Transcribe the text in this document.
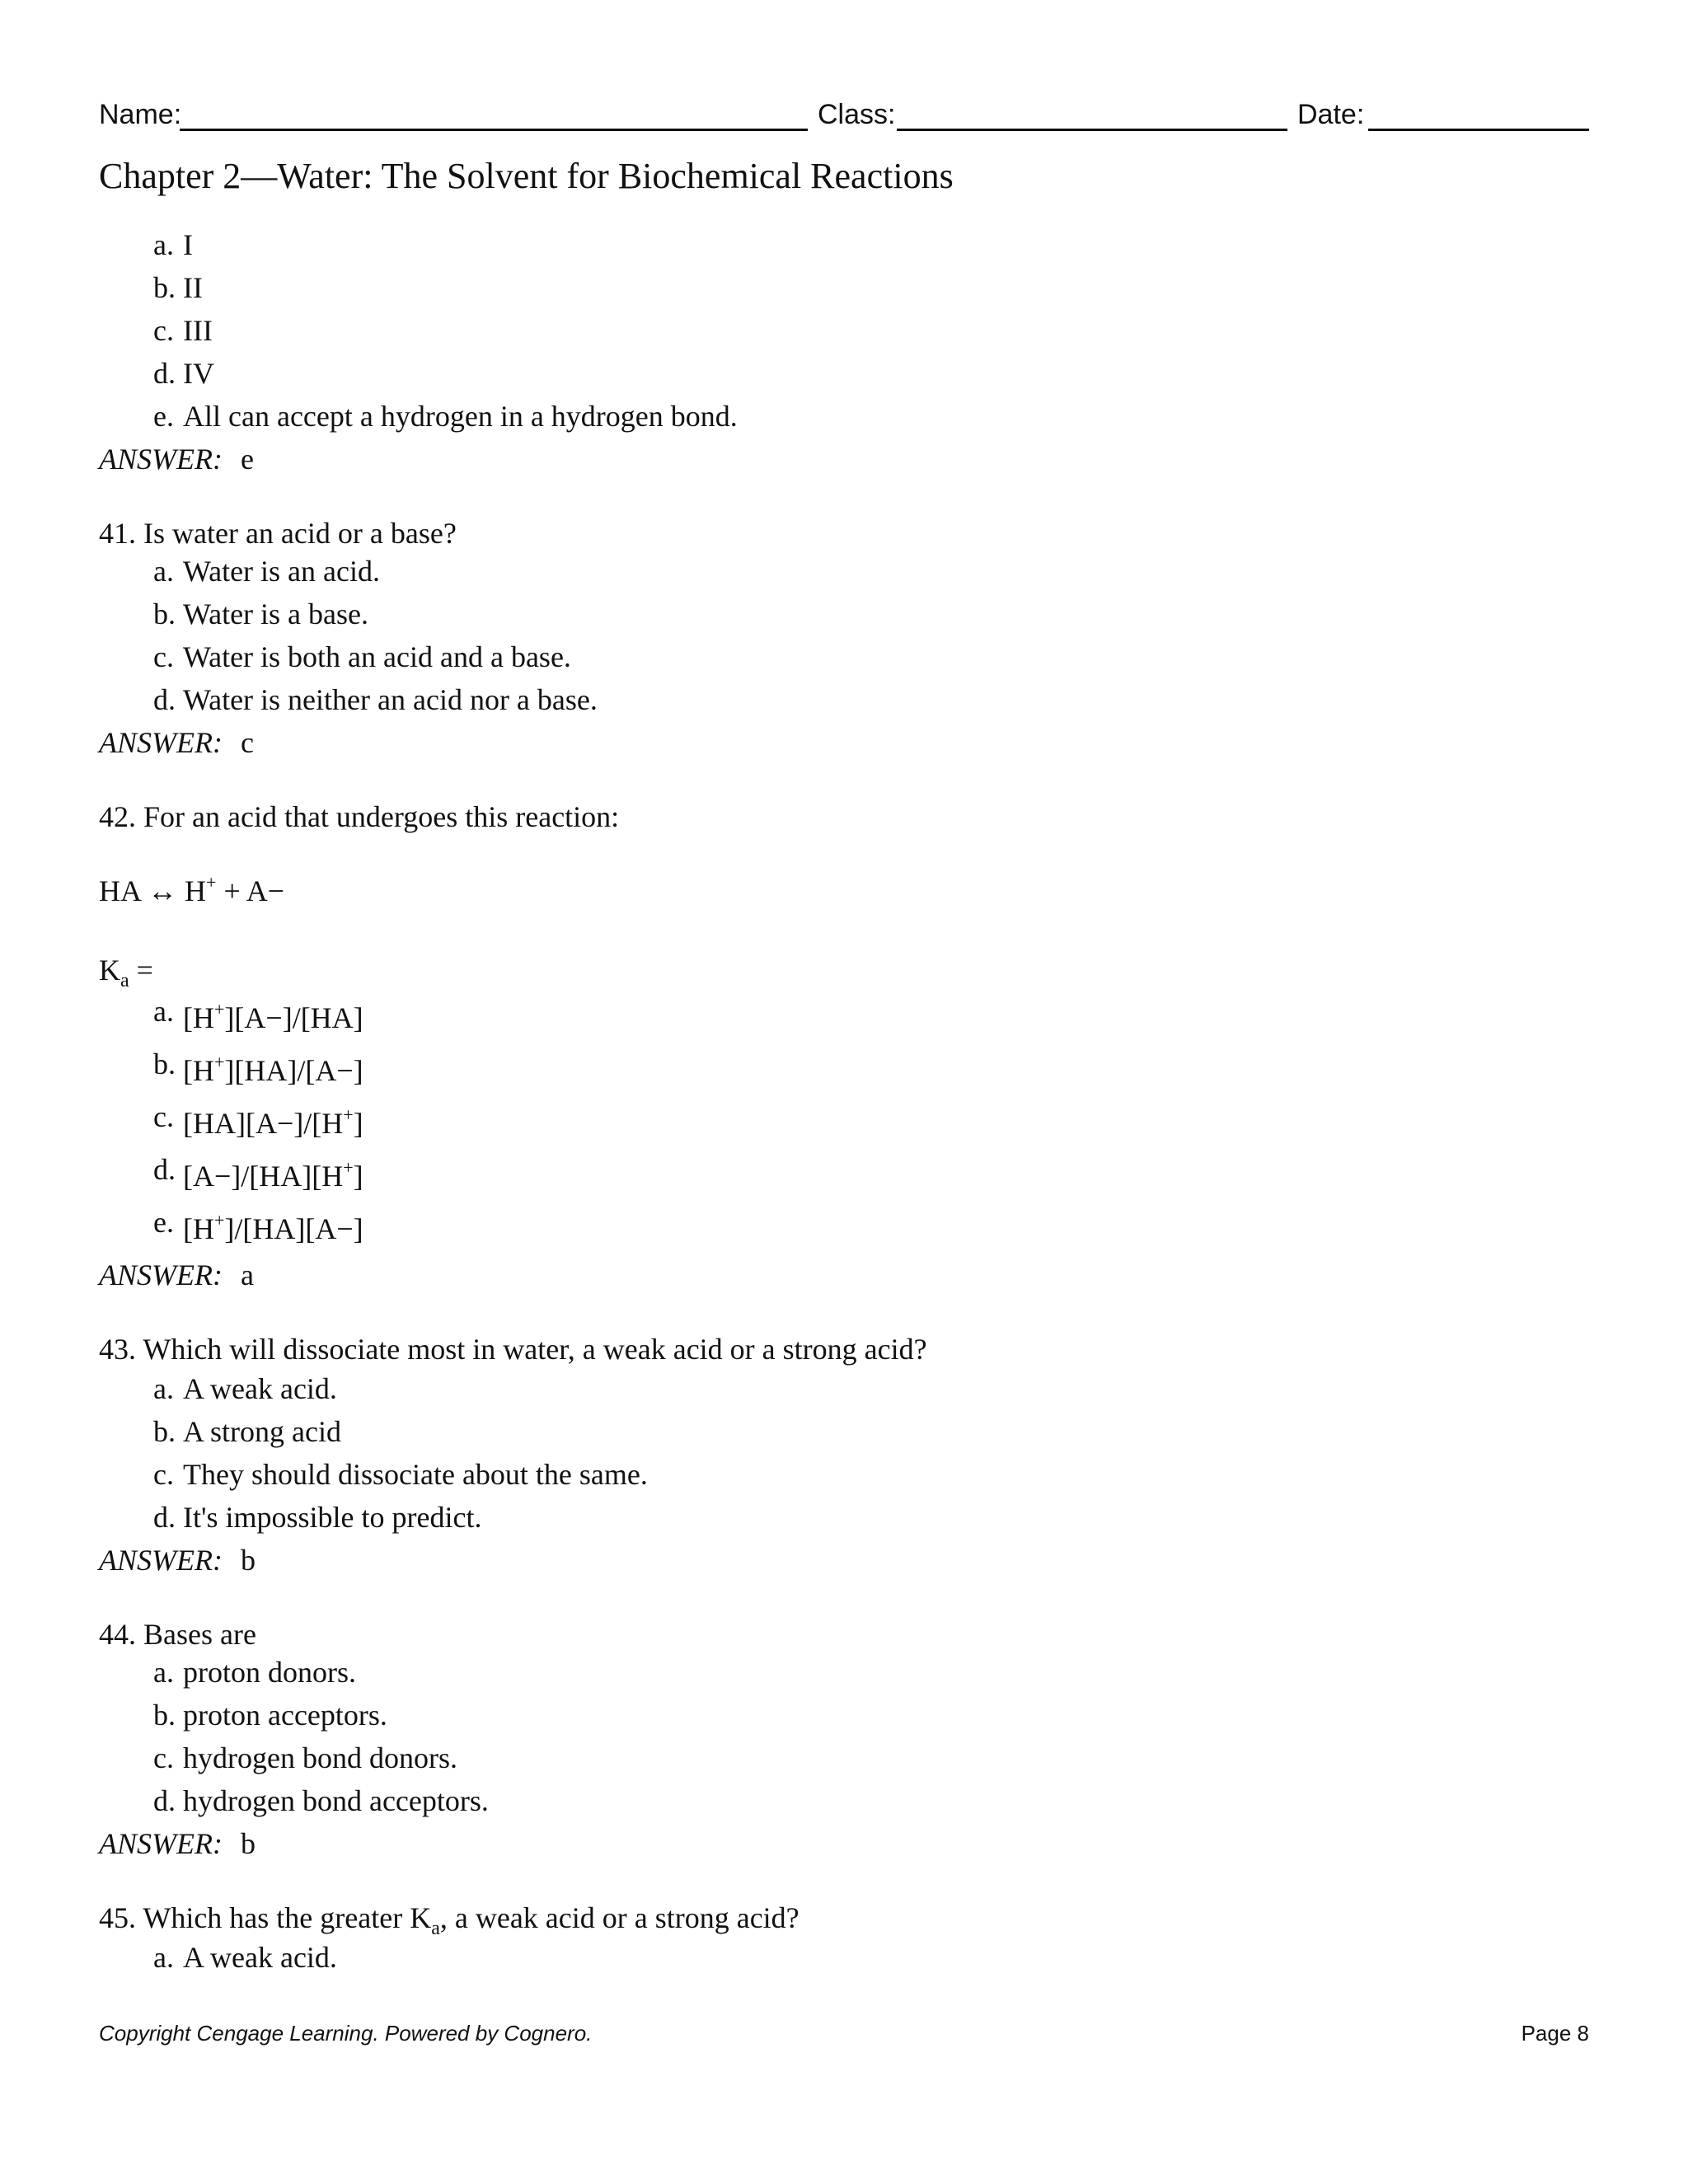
Name:	Class:	Date:
Chapter 2—Water: The Solvent for Biochemical Reactions
a. I
b. II
c. III
d. IV
e. All can accept a hydrogen in a hydrogen bond.
ANSWER: e
41. Is water an acid or a base?
a. Water is an acid.
b. Water is a base.
c. Water is both an acid and a base.
d. Water is neither an acid nor a base.
ANSWER: c
42. For an acid that undergoes this reaction:
HA ↔ H+ + A−
$K_a$ =
a. [H+][A−]/[HA]
b. [H+][HA]/[A−]
c. [HA][A−]/[H+]
d. [A−]/[HA][H+]
e. [H+]/[HA][A−]
ANSWER: a
43. Which will dissociate most in water, a weak acid or a strong acid?
a. A weak acid.
b. A strong acid
c. They should dissociate about the same.
d. It's impossible to predict.
ANSWER: b
44. Bases are
a. proton donors.
b. proton acceptors.
c. hydrogen bond donors.
d. hydrogen bond acceptors.
ANSWER: b
45. Which has the greater $K_a$, a weak acid or a strong acid?
a. A weak acid.
Copyright Cengage Learning. Powered by Cognero.	Page 8
